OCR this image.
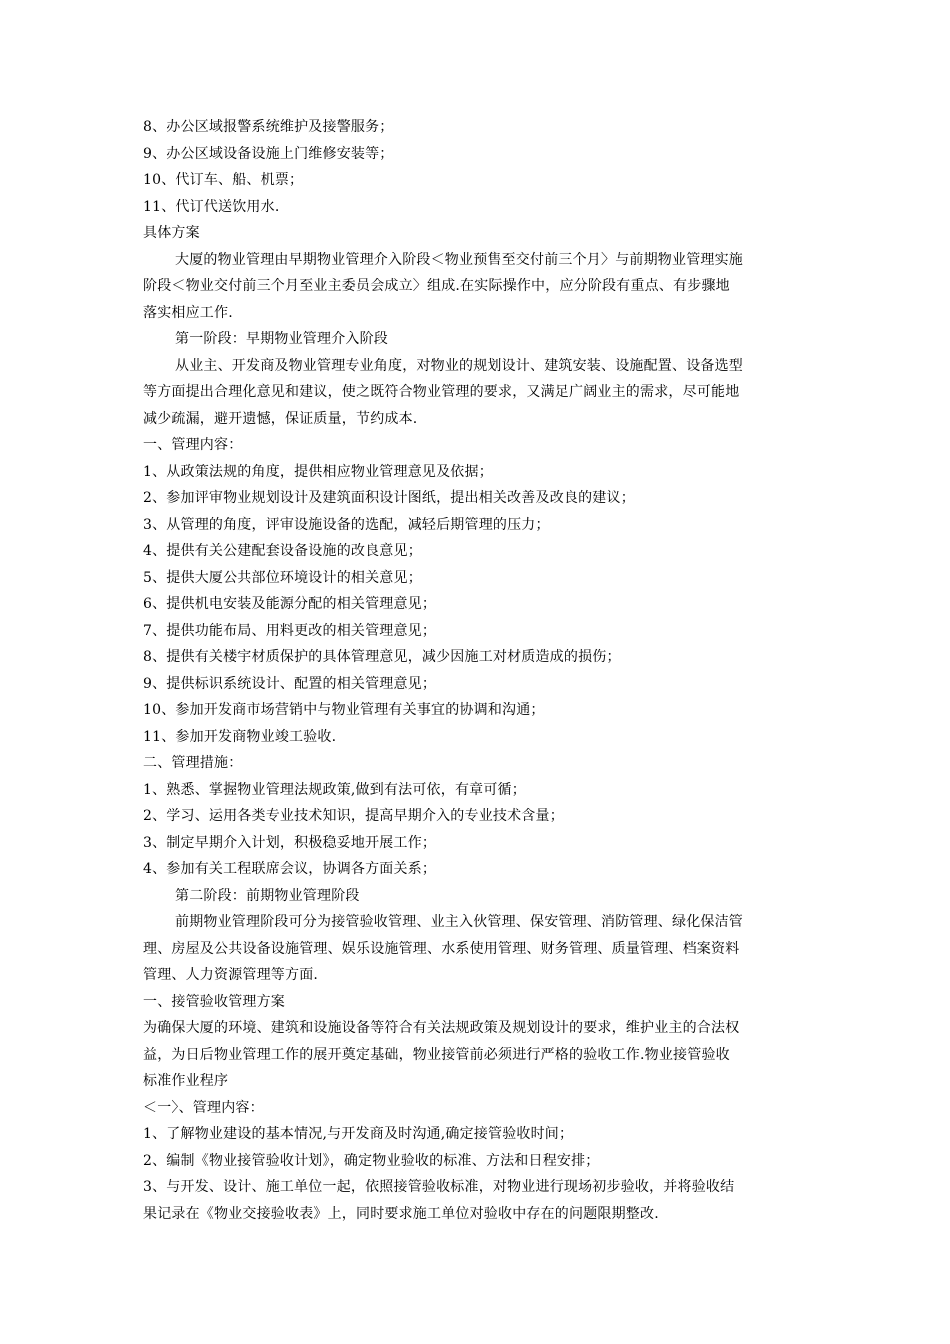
8、办公区域报警系统维护及接警服务；
9、办公区域设备设施上门维修安装等；
10、代订车、船、机票；
11、代订代送饮用水.
具体方案
大厦的物业管理由早期物业管理介入阶段＜物业预售至交付前三个月〉与前期物业管理实施
阶段＜物业交付前三个月至业主委员会成立〉组成.在实际操作中，应分阶段有重点、有步骤地
落实相应工作.
第一阶段：早期物业管理介入阶段
从业主、开发商及物业管理专业角度，对物业的规划设计、建筑安装、设施配置、设备选型
等方面提出合理化意见和建议，使之既符合物业管理的要求，又满足广阔业主的需求，尽可能地
减少疏漏，避开遗憾，保证质量，节约成本.
一、管理内容：
1、从政策法规的角度，提供相应物业管理意见及依据；
2、参加评审物业规划设计及建筑面积设计图纸，提出相关改善及改良的建议；
3、从管理的角度，评审设施设备的选配，减轻后期管理的压力；
4、提供有关公建配套设备设施的改良意见；
5、提供大厦公共部位环境设计的相关意见；
6、提供机电安装及能源分配的相关管理意见；
7、提供功能布局、用料更改的相关管理意见；
8、提供有关楼宇材质保护的具体管理意见，减少因施工对材质造成的损伤；
9、提供标识系统设计、配置的相关管理意见；
10、参加开发商市场营销中与物业管理有关事宜的协调和沟通；
11、参加开发商物业竣工验收.
二、管理措施：
1、熟悉、掌握物业管理法规政策,做到有法可依，有章可循；
2、学习、运用各类专业技术知识，提高早期介入的专业技术含量；
3、制定早期介入计划，积极稳妥地开展工作；
4、参加有关工程联席会议，协调各方面关系；
第二阶段：前期物业管理阶段
前期物业管理阶段可分为接管验收管理、业主入伙管理、保安管理、消防管理、绿化保洁管
理、房屋及公共设备设施管理、娱乐设施管理、水系使用管理、财务管理、质量管理、档案资料
管理、人力资源管理等方面.
一、接管验收管理方案
为确保大厦的环境、建筑和设施设备等符合有关法规政策及规划设计的要求，维护业主的合法权
益，为日后物业管理工作的展开奠定基础，物业接管前必须进行严格的验收工作.物业接管验收
标准作业程序
＜一〉、管理内容：
1、了解物业建设的基本情况,与开发商及时沟通,确定接管验收时间；
2、编制《物业接管验收计划》，确定物业验收的标准、方法和日程安排；
3、与开发、设计、施工单位一起，依照接管验收标准，对物业进行现场初步验收，并将验收结
果记录在《物业交接验收表》上，同时要求施工单位对验收中存在的问题限期整改.
